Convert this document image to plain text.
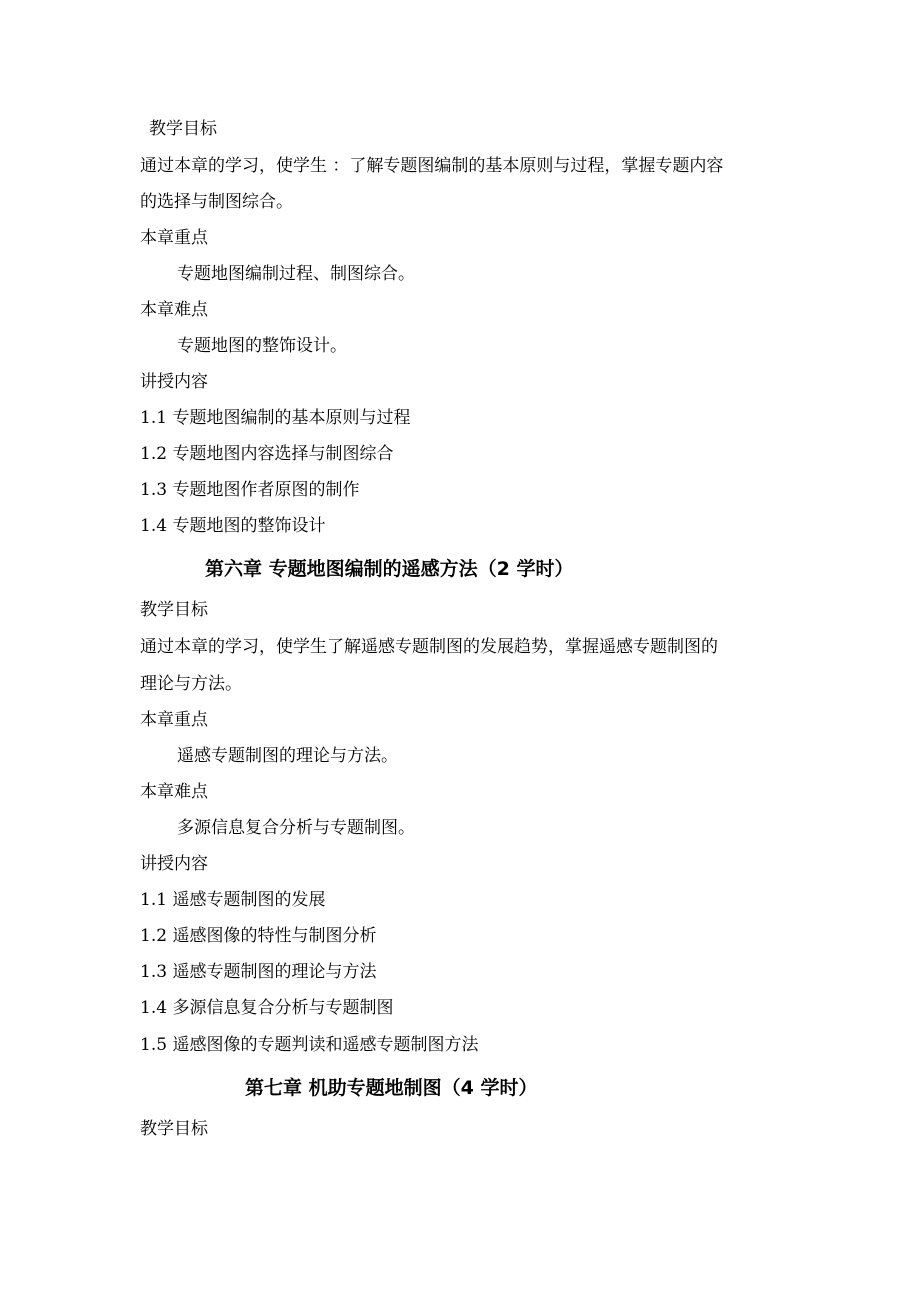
教学目标
通过本章的学习，使学生 ：了解专题图编制的基本原则与过程，掌握专题内容
的选择与制图综合。
本章重点
专题地图编制过程、制图综合。
本章难点
专题地图的整饰设计。
讲授内容
1.1 专题地图编制的基本原则与过程
1.2 专题地图内容选择与制图综合
1.3 专题地图作者原图的制作
1.4 专题地图的整饰设计
第六章 专题地图编制的遥感方法（2 学时）
教学目标
通过本章的学习，使学生了解遥感专题制图的发展趋势，掌握遥感专题制图的
理论与方法。
本章重点
遥感专题制图的理论与方法。
本章难点
多源信息复合分析与专题制图。
讲授内容
1.1 遥感专题制图的发展
1.2 遥感图像的特性与制图分析
1.3 遥感专题制图的理论与方法
1.4 多源信息复合分析与专题制图
1.5 遥感图像的专题判读和遥感专题制图方法
第七章 机助专题地制图（4 学时）
教学目标
